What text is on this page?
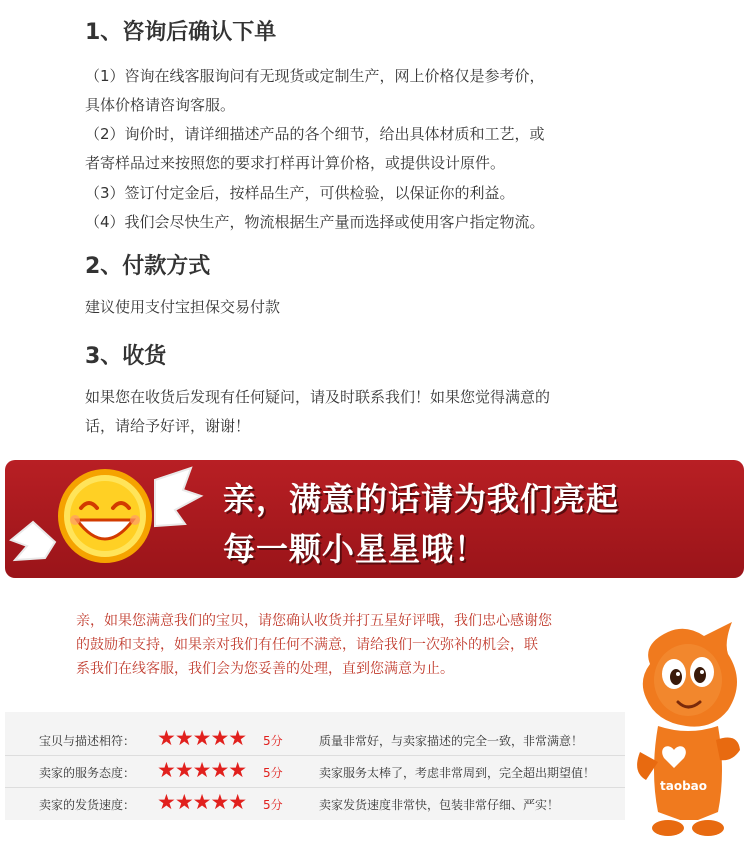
1、咨询后确认下单

（1）咨询在线客服询问有无现货或定制生产，网上价格仅是参考价，

具体价格请咨询客服。

（2）询价时，请详细描述产品的各个细节，给出具体材质和工艺，或

者寄样品过来按照您的要求打样再计算价格，或提供设计原件。

（3）签订付定金后，按样品生产，可供检验，以保证你的利益。

（4）我们会尽快生产，物流根据生产量而选择或使用客户指定物流。

2、付款方式

建议使用支付宝担保交易付款

3、收货

如果您在收货后发现有任何疑问，请及时联系我们！如果您觉得满意的

话，请给予好评，谢谢！

亲，满意的话请为我们亮起
每一颗小星星哦！

亲，如果您满意我们的宝贝，请您确认收货并打五星好评哦，我们忠心感谢您

的鼓励和支持，如果亲对我们有任何不满意，请给我们一次弥补的机会，联

系我们在线客服，我们会为您妥善的处理，直到您满意为止。

宝贝与描述相符： ★★★★★ 5分	质量非常好，与卖家描述的完全一致，非常满意！
卖家的服务态度： ★★★★★ 5分	卖家服务太棒了，考虑非常周到，完全超出期望值！
卖家的发货速度： ★★★★★ 5分	卖家发货速度非常快，包装非常仔细、严实！
taobao
